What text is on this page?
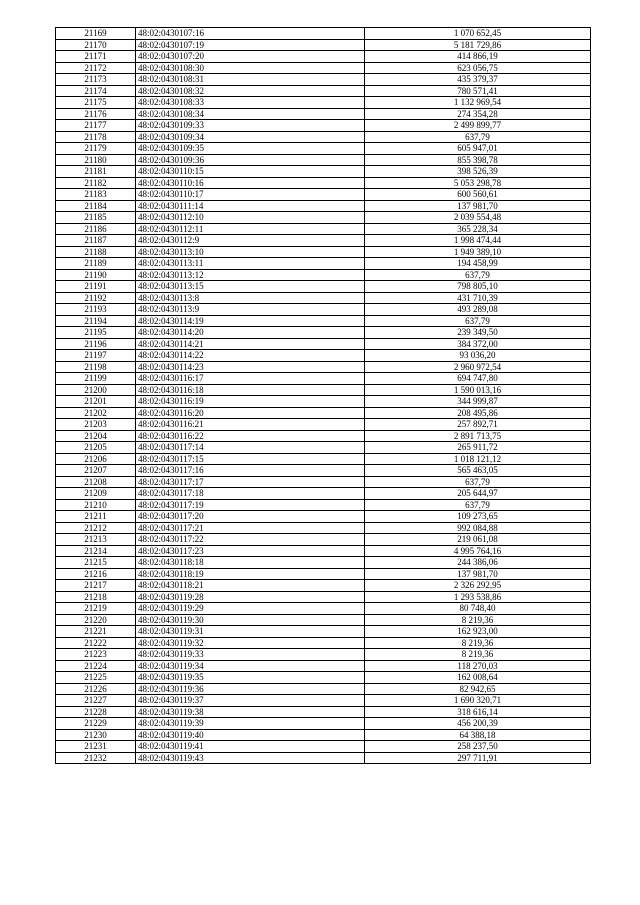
21169	48:02:0430107:16	1 070 652,45
21170	48:02:0430107:19	5 181 729,86
21171	48:02:0430107:20	414 866,19
21172	48:02:0430108:30	623 056,75
21173	48:02:0430108:31	435 379,37
21174	48:02:0430108:32	780 571,41
21175	48:02:0430108:33	1 132 969,54
21176	48:02:0430108:34	274 354,28
21177	48:02:0430109:33	2 499 899,77
21178	48:02:0430109:34	637,79
21179	48:02:0430109:35	605 947,01
21180	48:02:0430109:36	855 398,78
21181	48:02:0430110:15	398 526,39
21182	48:02:0430110:16	5 053 298,78
21183	48:02:0430110:17	600 560,61
21184	48:02:0430111:14	137 981,70
21185	48:02:0430112:10	2 039 554,48
21186	48:02:0430112:11	365 228,34
21187	48:02:0430112:9	1 998 474,44
21188	48:02:0430113:10	1 949 389,10
21189	48:02:0430113:11	194 458,99
21190	48:02:0430113:12	637,79
21191	48:02:0430113:15	798 805,10
21192	48:02:0430113:8	431 710,39
21193	48:02:0430113:9	493 289,08
21194	48:02:0430114:19	637,79
21195	48:02:0430114:20	239 349,50
21196	48:02:0430114:21	384 372,00
21197	48:02:0430114:22	93 036,20
21198	48:02:0430114:23	2 960 972,54
21199	48:02:0430116:17	694 747,80
21200	48:02:0430116:18	1 590 013,16
21201	48:02:0430116:19	344 999,87
21202	48:02:0430116:20	208 495,86
21203	48:02:0430116:21	257 892,71
21204	48:02:0430116:22	2 891 713,75
21205	48:02:0430117:14	265 911,72
21206	48:02:0430117:15	1 018 121,12
21207	48:02:0430117:16	565 463,05
21208	48:02:0430117:17	637,79
21209	48:02:0430117:18	205 644,97
21210	48:02:0430117:19	637,79
21211	48:02:0430117:20	109 273,65
21212	48:02:0430117:21	992 084,88
21213	48:02:0430117:22	219 061,08
21214	48:02:0430117:23	4 995 764,16
21215	48:02:0430118:18	244 386,06
21216	48:02:0430118:19	137 981,70
21217	48:02:0430118:21	2 326 292,95
21218	48:02:0430119:28	1 293 538,86
21219	48:02:0430119:29	80 748,40
21220	48:02:0430119:30	8 219,36
21221	48:02:0430119:31	162 923,00
21222	48:02:0430119:32	8 219,36
21223	48:02:0430119:33	8 219,36
21224	48:02:0430119:34	118 270,03
21225	48:02:0430119:35	162 008,64
21226	48:02:0430119:36	82 942,65
21227	48:02:0430119:37	1 690 320,71
21228	48:02:0430119:38	318 616,14
21229	48:02:0430119:39	456 200,39
21230	48:02:0430119:40	64 388,18
21231	48:02:0430119:41	258 237,50
21232	48:02:0430119:43	297 711,91
